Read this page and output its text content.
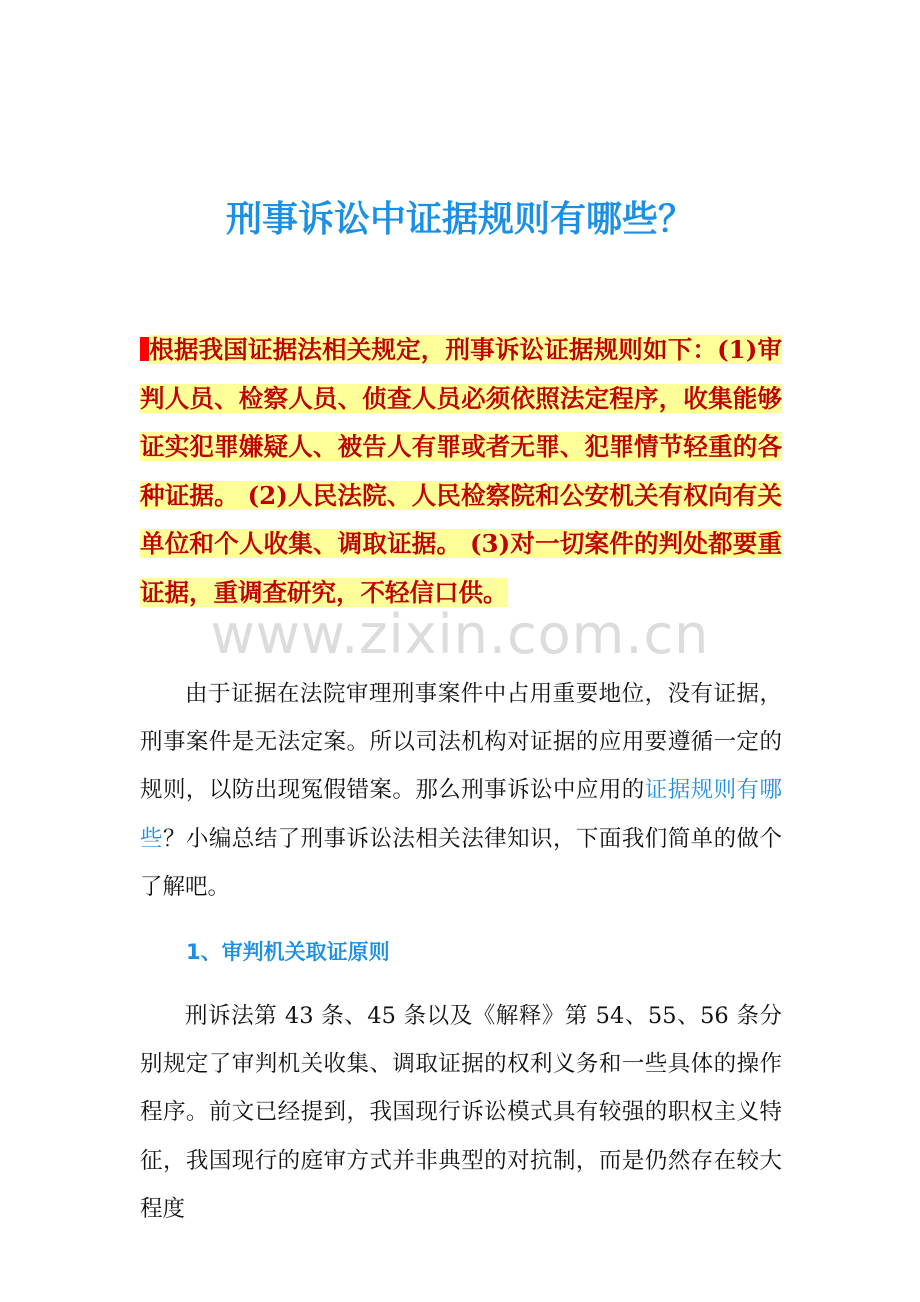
刑事诉讼中证据规则有哪些？

根据我国证据法相关规定，刑事诉讼证据规则如下：(1)审判人员、检察人员、侦查人员必须依照法定程序，收集能够证实犯罪嫌疑人、被告人有罪或者无罪、犯罪情节轻重的各种证据。 (2)人民法院、人民检察院和公安机关有权向有关单位和个人收集、调取证据。 (3)对一切案件的判处都要重证据，重调查研究，不轻信口供。

www.zixin.com.cn

由于证据在法院审理刑事案件中占用重要地位，没有证据，刑事案件是无法定案。所以司法机构对证据的应用要遵循一定的规则，以防出现冤假错案。那么刑事诉讼中应用的证据规则有哪些？小编总结了刑事诉讼法相关法律知识，下面我们简单的做个了解吧。

1、审判机关取证原则

刑诉法第 43 条、45 条以及《解释》第 54、55、56 条分别规定了审判机关收集、调取证据的权利义务和一些具体的操作程序。前文已经提到，我国现行诉讼模式具有较强的职权主义特征，我国现行的庭审方式并非典型的对抗制，而是仍然存在较大程度
